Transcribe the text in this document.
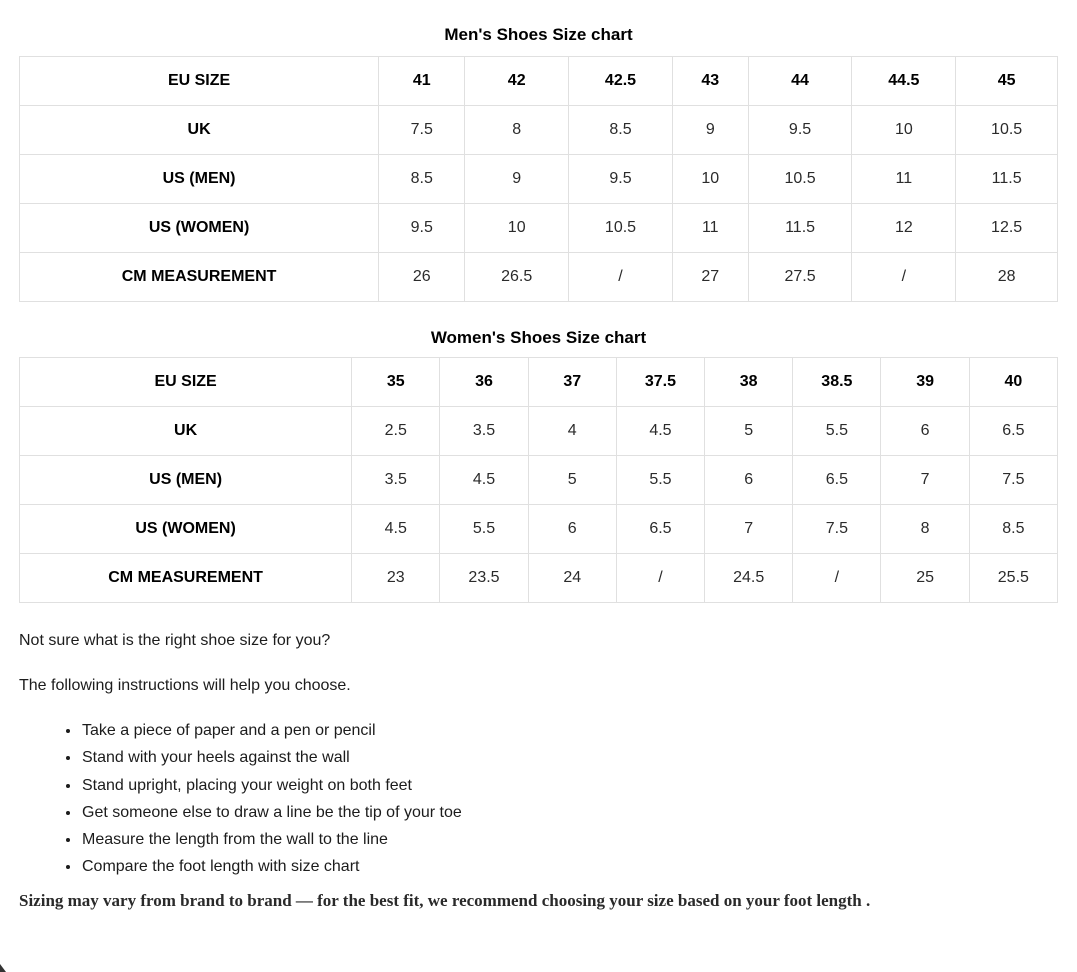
Men's Shoes Size chart
EU SIZE	41	42	42.5	43	44	44.5	45
UK	7.5	8	8.5	9	9.5	10	10.5
US (MEN)	8.5	9	9.5	10	10.5	11	11.5
US (WOMEN)	9.5	10	10.5	11	11.5	12	12.5
CM MEASUREMENT	26	26.5	/	27	27.5	/	28
Women's Shoes Size chart
EU SIZE	35	36	37	37.5	38	38.5	39	40
UK	2.5	3.5	4	4.5	5	5.5	6	6.5
US (MEN)	3.5	4.5	5	5.5	6	6.5	7	7.5
US (WOMEN)	4.5	5.5	6	6.5	7	7.5	8	8.5
CM MEASUREMENT	23	23.5	24	/	24.5	/	25	25.5

Not sure what is the right shoe size for you?

The following instructions will help you choose.

• Take a piece of paper and a pen or pencil
• Stand with your heels against the wall
• Stand upright, placing your weight on both feet
• Get someone else to draw a line be the tip of your toe
• Measure the length from the wall to the line
• Compare the foot length with size chart

Sizing may vary from brand to brand — for the best fit, we recommend choosing your size based on your foot length .
